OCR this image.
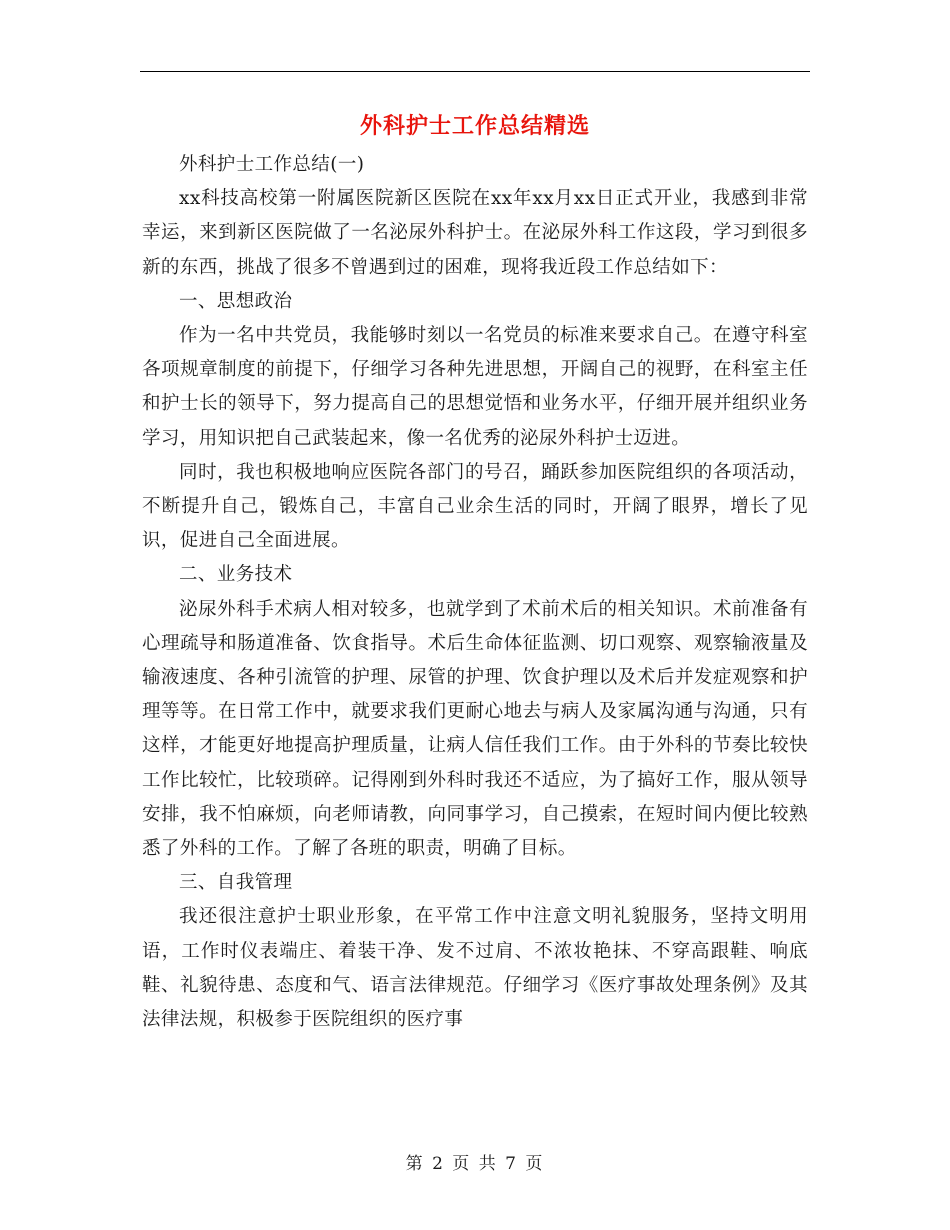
外科护士工作总结精选

外科护士工作总结(一)

xx科技高校第一附属医院新区医院在xx年xx月xx日正式开业，我感到非常幸运，来到新区医院做了一名泌尿外科护士。在泌尿外科工作这段，学习到很多新的东西，挑战了很多不曾遇到过的困难，现将我近段工作总结如下：

一、思想政治

作为一名中共党员，我能够时刻以一名党员的标准来要求自己。在遵守科室各项规章制度的前提下，仔细学习各种先进思想，开阔自己的视野，在科室主任和护士长的领导下，努力提高自己的思想觉悟和业务水平，仔细开展并组织业务学习，用知识把自己武装起来，像一名优秀的泌尿外科护士迈进。

同时，我也积极地响应医院各部门的号召，踊跃参加医院组织的各项活动，不断提升自己，锻炼自己，丰富自己业余生活的同时，开阔了眼界，增长了见识，促进自己全面进展。

二、业务技术

泌尿外科手术病人相对较多，也就学到了术前术后的相关知识。术前准备有心理疏导和肠道准备、饮食指导。术后生命体征监测、切口观察、观察输液量及输液速度、各种引流管的护理、尿管的护理、饮食护理以及术后并发症观察和护理等等。在日常工作中，就要求我们更耐心地去与病人及家属沟通与沟通，只有这样，才能更好地提高护理质量，让病人信任我们工作。由于外科的节奏比较快工作比较忙，比较琐碎。记得刚到外科时我还不适应，为了搞好工作，服从领导安排，我不怕麻烦，向老师请教，向同事学习，自己摸索，在短时间内便比较熟悉了外科的工作。了解了各班的职责，明确了目标。

三、自我管理

我还很注意护士职业形象，在平常工作中注意文明礼貌服务，坚持文明用语，工作时仪表端庄、着装干净、发不过肩、不浓妆艳抹、不穿高跟鞋、响底鞋、礼貌待患、态度和气、语言法律规范。仔细学习《医疗事故处理条例》及其法律法规，积极参于医院组织的医疗事

第 2 页 共 7 页
